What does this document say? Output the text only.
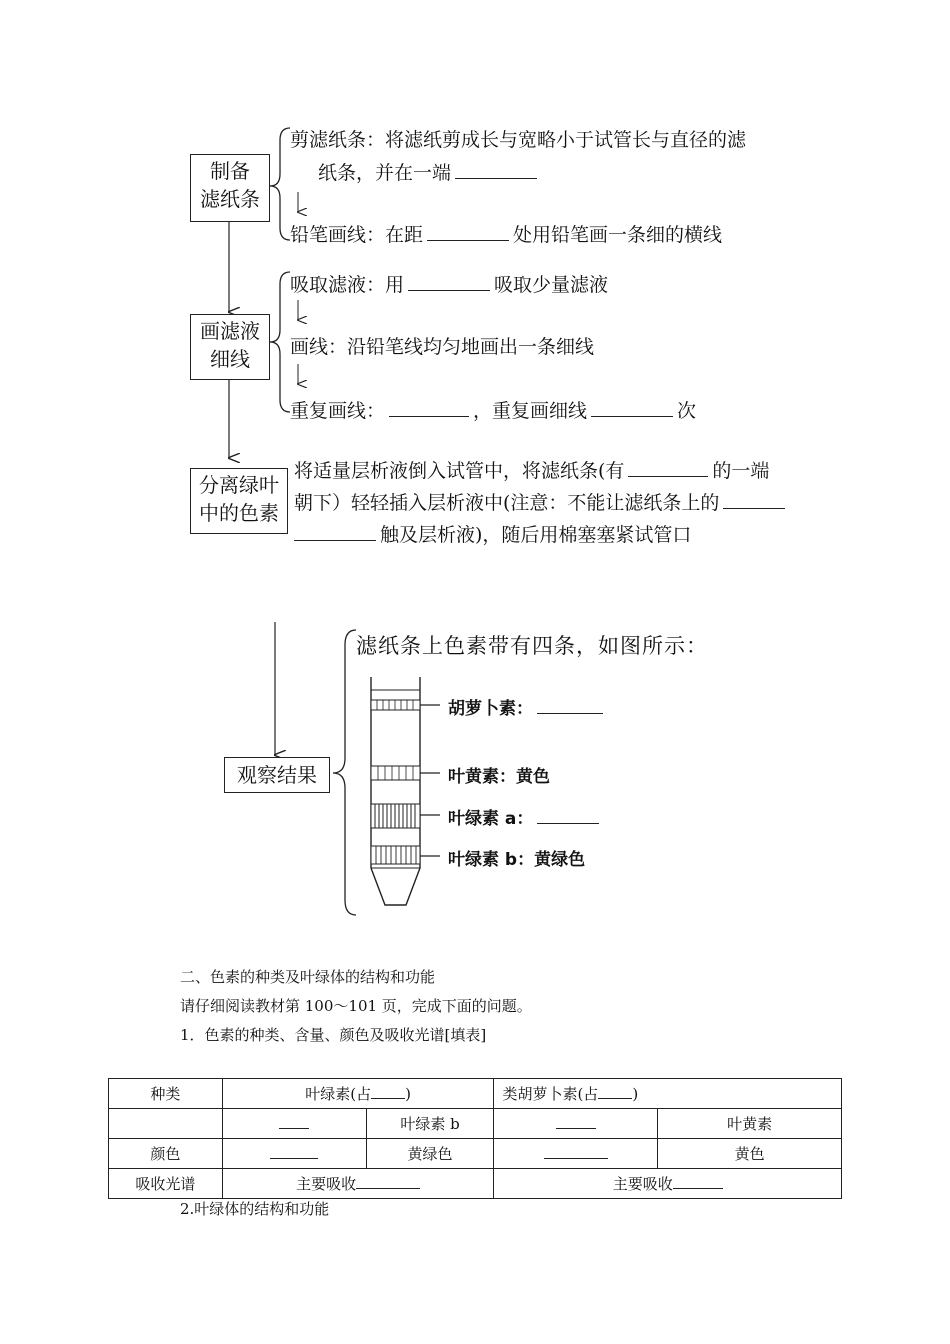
制备
滤纸条
剪滤纸条：将滤纸剪成长与宽略小于试管长与直径的滤
纸条，并在一端
铅笔画线：在距	处用铅笔画一条细的横线
画滤液
细线
吸取滤液：用	吸取少量滤液
画线：沿铅笔线均匀地画出一条细线
重复画线：	，重复画细线	次
分离绿叶
中的色素
将适量层析液倒入试管中，将滤纸条(有	的一端
朝下）轻轻插入层析液中(注意：不能让滤纸条上的
触及层析液)，随后用棉塞塞紧试管口
观察结果
滤纸条上色素带有四条，如图所示：
胡萝卜素：
叶黄素：黄色
叶绿素 a：
叶绿素 b：黄绿色
二、色素的种类及叶绿体的结构和功能
请仔细阅读教材第 100～101 页，完成下面的问题。
1．色素的种类、含量、颜色及吸收光谱[填表]
种类	叶绿素(占 )		类胡萝卜素(占 )	
		叶绿素 b		叶黄素
颜色		黄绿色		黄色
吸收光谱	主要吸收		主要吸收	
2.叶绿体的结构和功能
